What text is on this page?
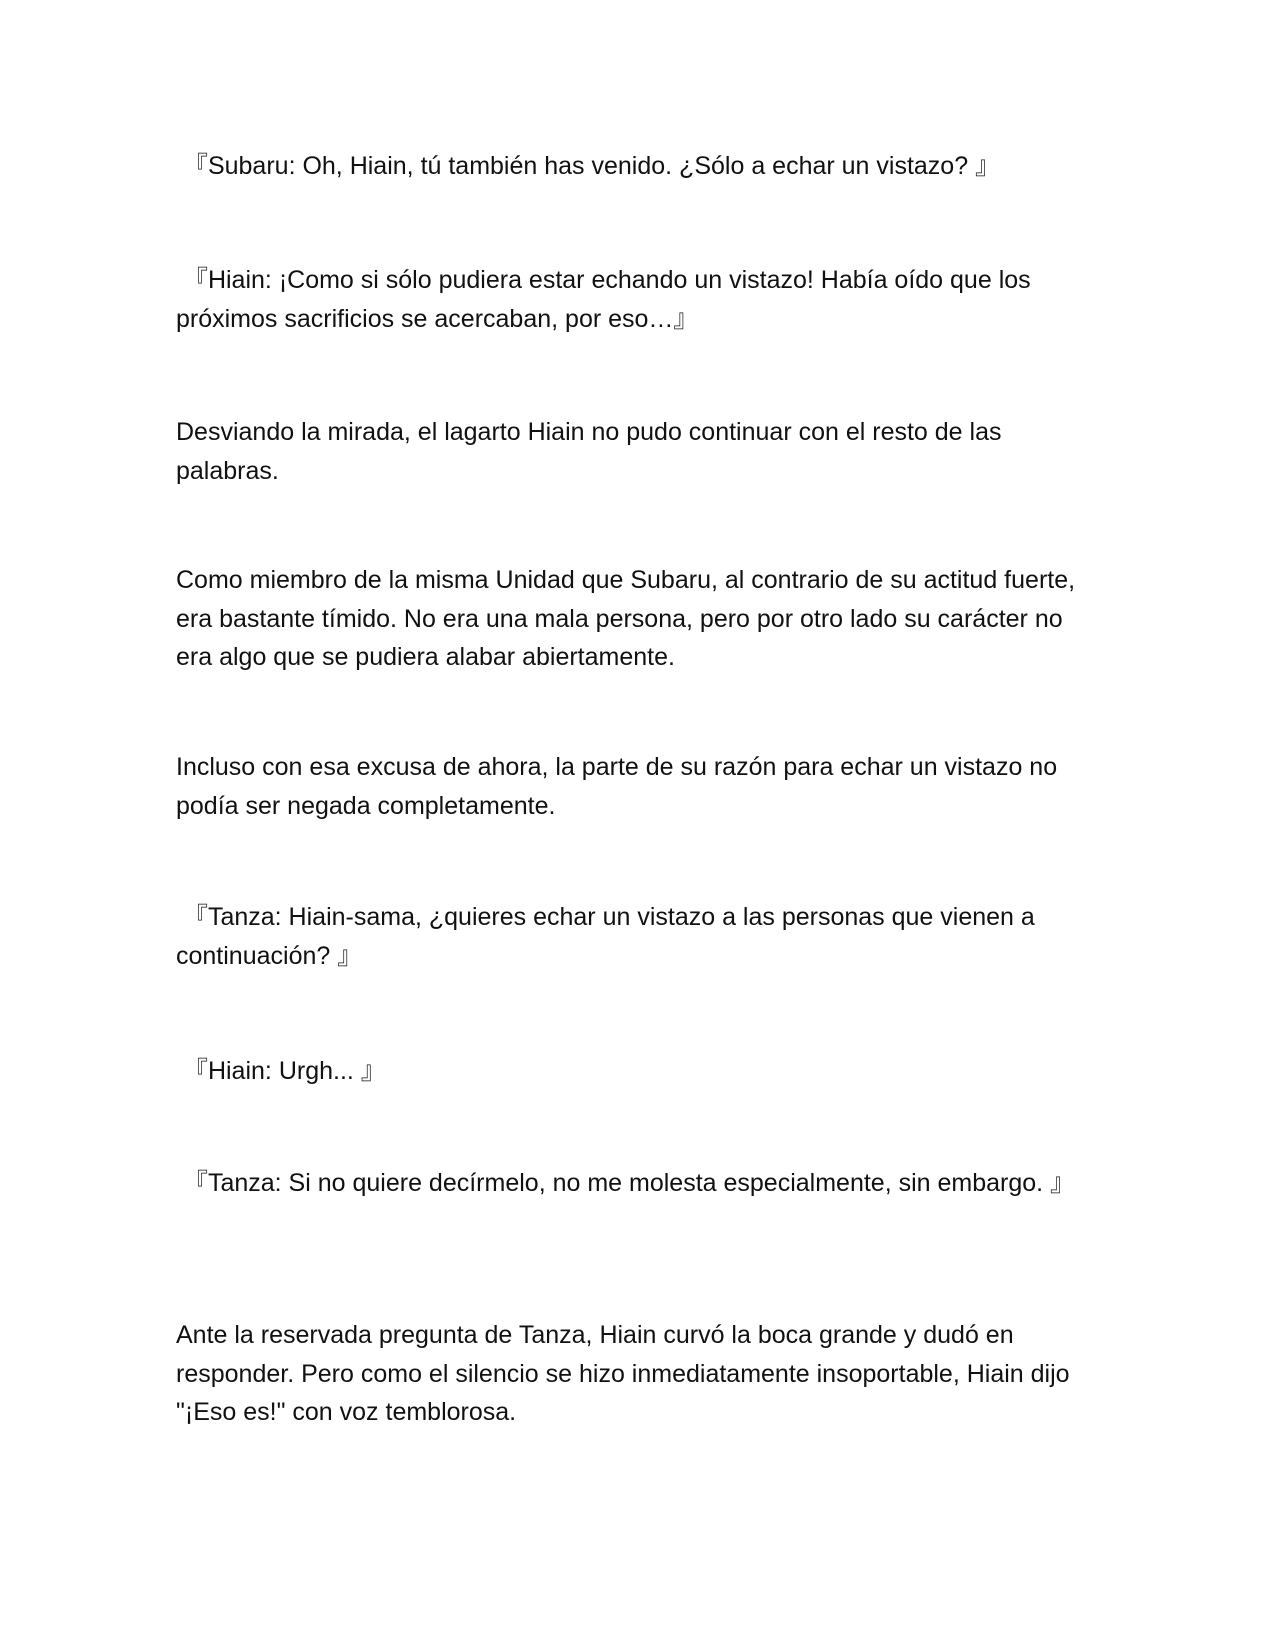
『Subaru: Oh, Hiain, tú también has venido. ¿Sólo a echar un vistazo? 』

『Hiain: ¡Como si sólo pudiera estar echando un vistazo! Había oído que los próximos sacrificios se acercaban, por eso…』

Desviando la mirada, el lagarto Hiain no pudo continuar con el resto de las palabras.

Como miembro de la misma Unidad que Subaru, al contrario de su actitud fuerte, era bastante tímido. No era una mala persona, pero por otro lado su carácter no era algo que se pudiera alabar abiertamente.

Incluso con esa excusa de ahora, la parte de su razón para echar un vistazo no podía ser negada completamente.

『Tanza: Hiain-sama, ¿quieres echar un vistazo a las personas que vienen a continuación? 』

『Hiain: Urgh... 』

『Tanza: Si no quiere decírmelo, no me molesta especialmente, sin embargo. 』

Ante la reservada pregunta de Tanza, Hiain curvó la boca grande y dudó en responder. Pero como el silencio se hizo inmediatamente insoportable, Hiain dijo "¡Eso es!" con voz temblorosa.
